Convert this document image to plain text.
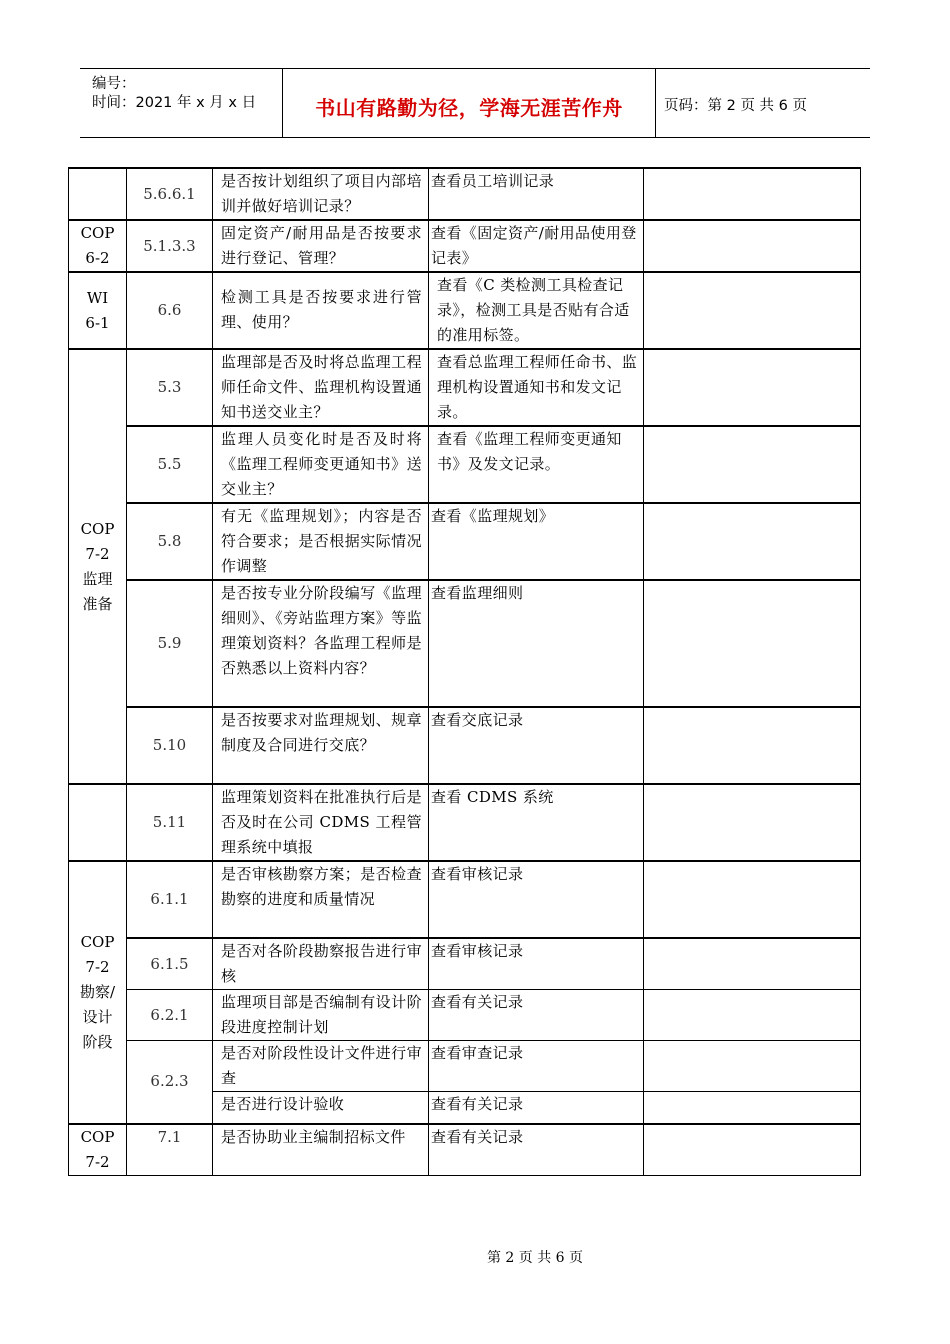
编号：
时间：2021 年 x 月 x 日	书山有路勤为径，学海无涯苦作舟	页码：第 2 页 共 6 页
	5.6.6.1	是否按计划组织了项目内部培训并做好培训记录？	查看员工培训记录	
COP
6-2	5.1.3.3	固定资产/耐用品是否按要求进行登记、管理？	查看《固定资产/耐用品使用登记表》	
WI
6-1	6.6	检测工具是否按要求进行管理、使用？	查看《C 类检测工具检查记录》，检测工具是否贴有合适的准用标签。	
COP
7-2
监理
准备	5.3	监理部是否及时将总监理工程师任命文件、监理机构设置通知书送交业主？	查看总监理工程师任命书、监理机构设置通知书和发文记录。	
	5.5	监理人员变化时是否及时将《监理工程师变更通知书》送交业主？	查看《监理工程师变更通知书》及发文记录。	
	5.8	有无《监理规划》；内容是否符合要求；是否根据实际情况作调整	查看《监理规划》	
	5.9	是否按专业分阶段编写《监理细则》、《旁站监理方案》等监理策划资料？各监理工程师是否熟悉以上资料内容？	查看监理细则	
	5.10	是否按要求对监理规划、规章制度及合同进行交底？	查看交底记录	
	5.11	监理策划资料在批准执行后是否及时在公司 CDMS 工程管理系统中填报	查看 CDMS 系统	
COP
7-2
勘察/
设计
阶段	6.1.1	是否审核勘察方案；是否检查勘察的进度和质量情况	查看审核记录	
	6.1.5	是否对各阶段勘察报告进行审核	查看审核记录	
	6.2.1	监理项目部是否编制有设计阶段进度控制计划	查看有关记录	
	6.2.3	是否对阶段性设计文件进行审查	查看审查记录	
		是否进行设计验收	查看有关记录	
COP
7-2	7.1	是否协助业主编制招标文件	查看有关记录	
第 2 页 共 6 页
